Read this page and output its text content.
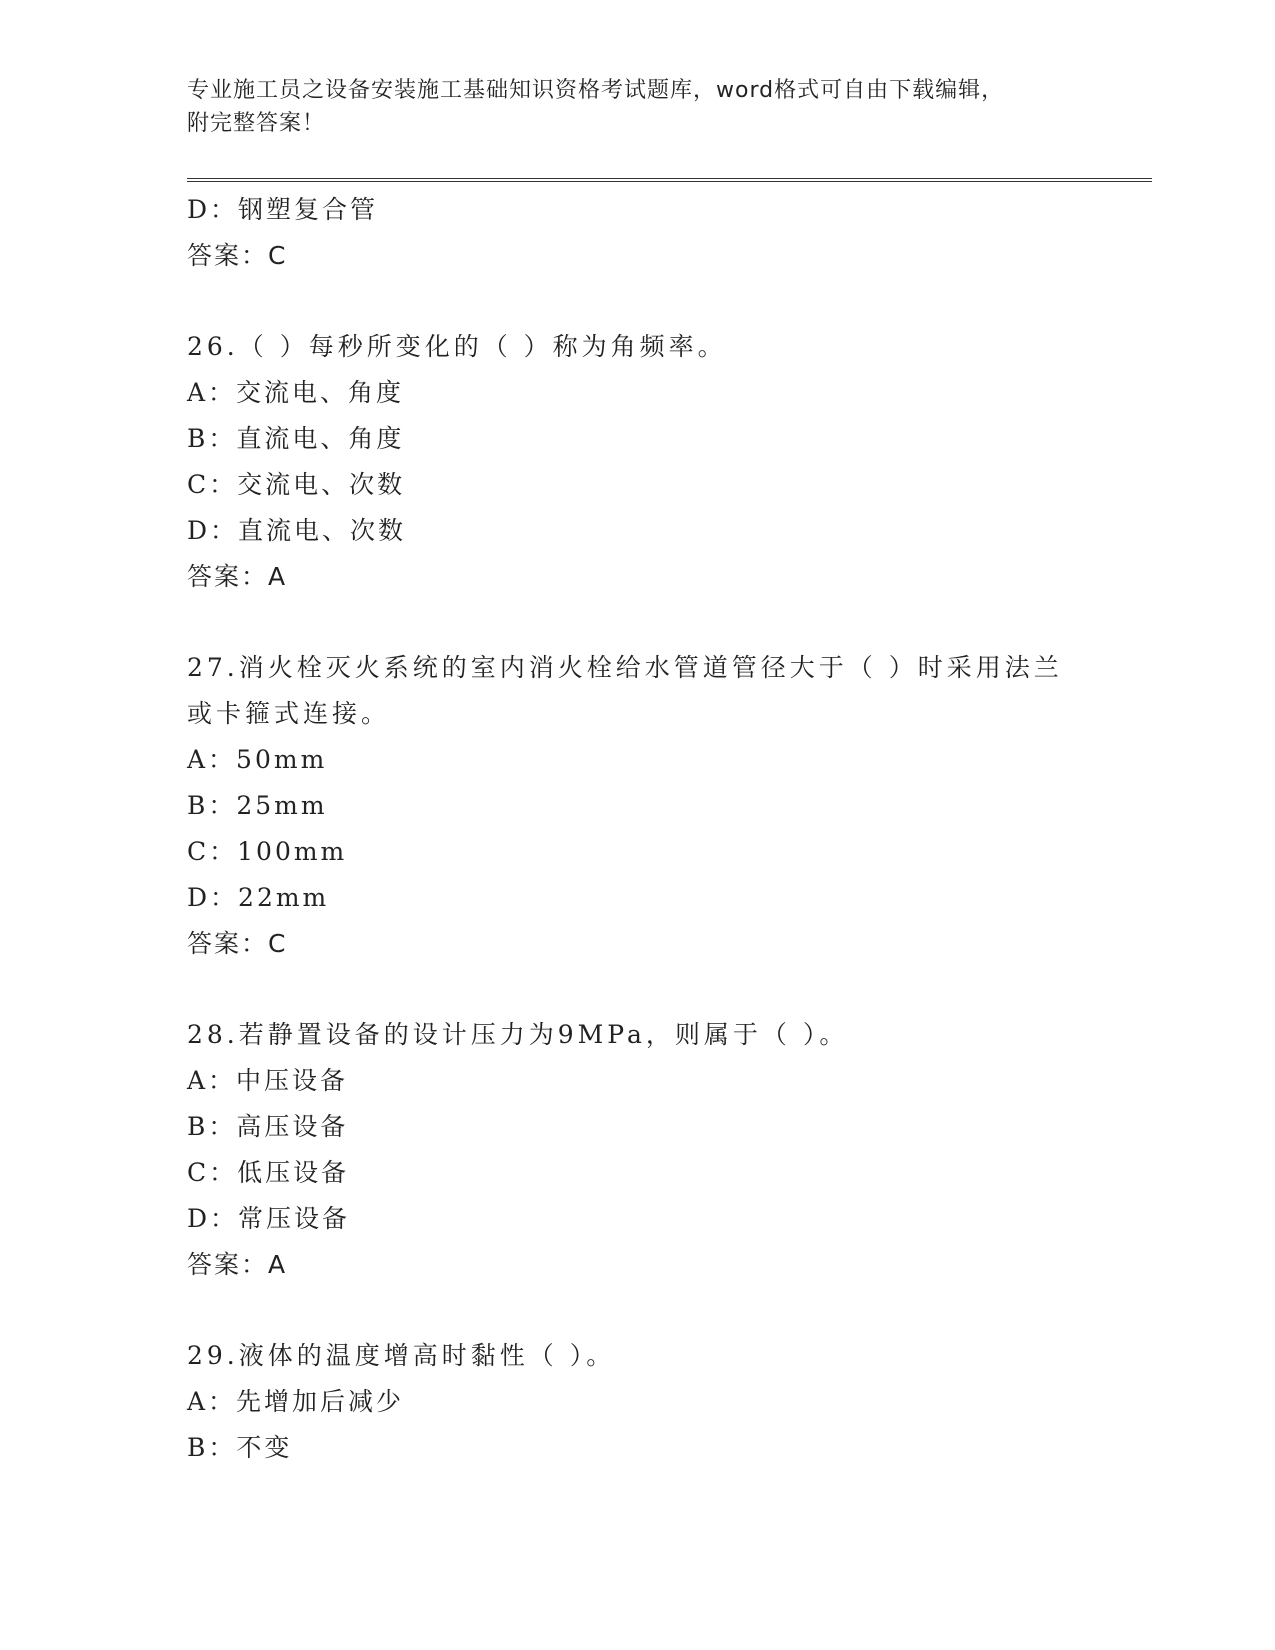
专业施工员之设备安装施工基础知识资格考试题库，word格式可自由下载编辑，
附完整答案！
D：钢塑复合管
答案：C
26.（ ）每秒所变化的（ ）称为角频率。
A：交流电、角度
B：直流电、角度
C：交流电、次数
D：直流电、次数
答案：A
27.消火栓灭火系统的室内消火栓给水管道管径大于（ ）时采用法兰
或卡箍式连接。
A：50mm
B：25mm
C：100mm
D：22mm
答案：C
28.若静置设备的设计压力为9MPa，则属于（ ）。
A：中压设备
B：高压设备
C：低压设备
D：常压设备
答案：A
29.液体的温度增高时黏性（ ）。
A：先增加后减少
B：不变
